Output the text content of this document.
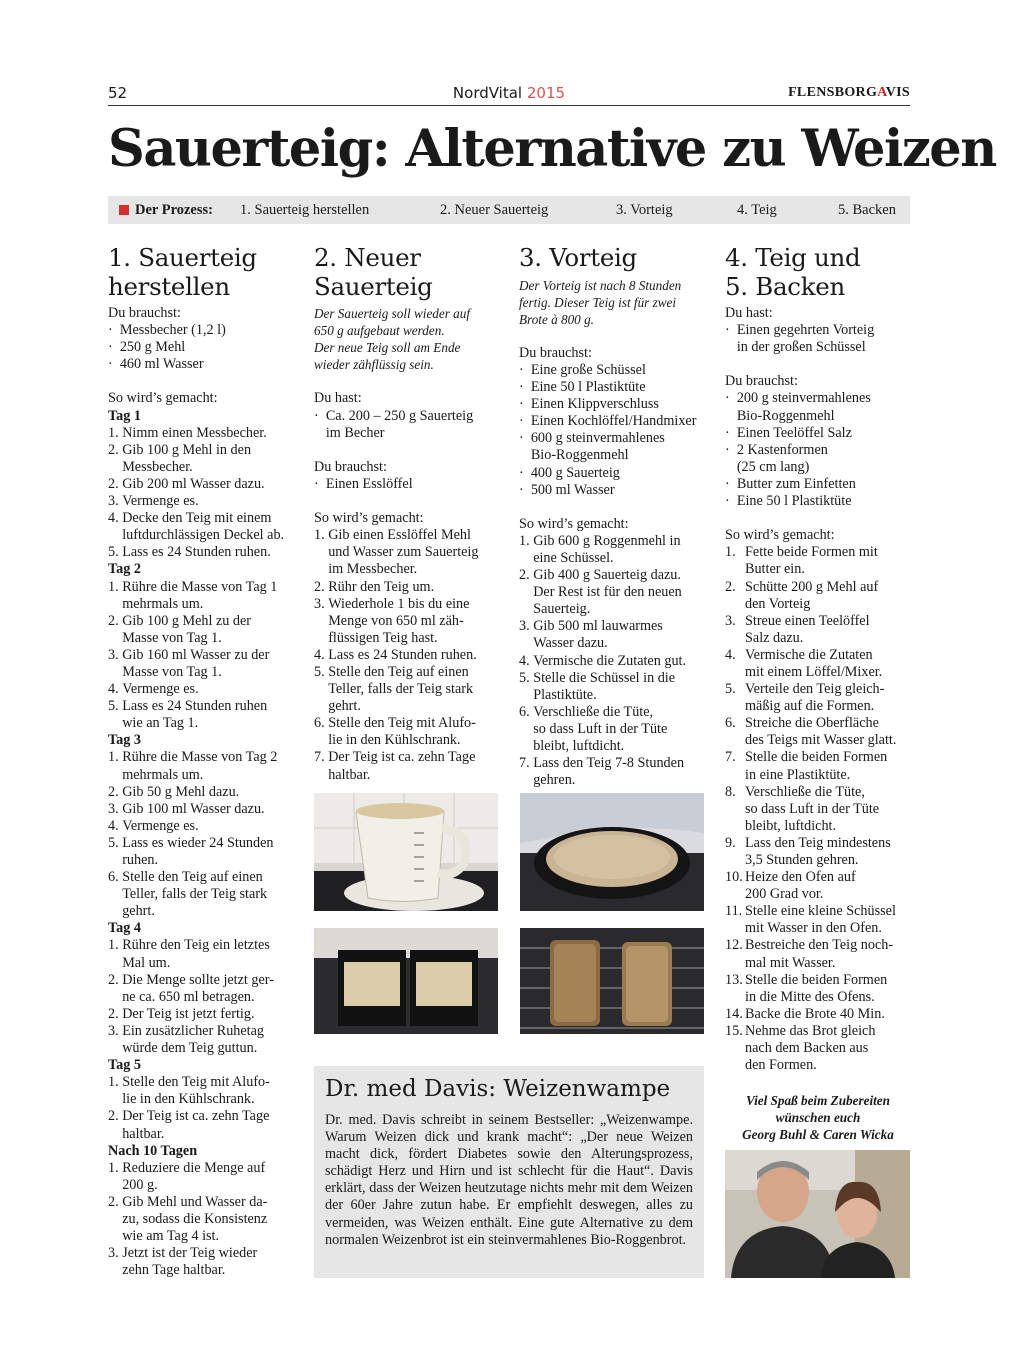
52	NordVital 2015	FLENSBORGAVIS
Sauerteig: Alternative zu Weizen
Der Prozess: 1. Sauerteig herstellen	2. Neuer Sauerteig	3. Vorteig	4. Teig	5. Backen
1. Sauerteig
herstellen
Du brauchst:
· Messbecher (1,2 l)
· 250 g Mehl
· 460 ml Wasser
So wird’s gemacht:
Tag 1
1. Nimm einen Messbecher.
2. Gib 100 g Mehl in den
Messbecher.
2. Gib 200 ml Wasser dazu.
3. Vermenge es.
4. Decke den Teig mit einem
luftdurchlässigen Deckel ab.
5. Lass es 24 Stunden ruhen.
Tag 2
1. Rühre die Masse von Tag 1
mehrmals um.
2. Gib 100 g Mehl zu der
Masse von Tag 1.
3. Gib 160 ml Wasser zu der
Masse von Tag 1.
4. Vermenge es.
5. Lass es 24 Stunden ruhen
wie an Tag 1.
Tag 3
1. Rühre die Masse von Tag 2
mehrmals um.
2. Gib 50 g Mehl dazu.
3. Gib 100 ml Wasser dazu.
4. Vermenge es.
5. Lass es wieder 24 Stunden
ruhen.
6. Stelle den Teig auf einen
Teller, falls der Teig stark
gehrt.
Tag 4
1. Rühre den Teig ein letztes
Mal um.
2. Die Menge sollte jetzt ger-
ne ca. 650 ml betragen.
2. Der Teig ist jetzt fertig.
3. Ein zusätzlicher Ruhetag
würde dem Teig guttun.
Tag 5
1. Stelle den Teig mit Alufo-
lie in den Kühlschrank.
2. Der Teig ist ca. zehn Tage
haltbar.
Nach 10 Tagen
1. Reduziere die Menge auf
200 g.
2. Gib Mehl und Wasser da-
zu, sodass die Konsistenz
wie am Tag 4 ist.
3. Jetzt ist der Teig wieder
zehn Tage haltbar.
2. Neuer
Sauerteig
Der Sauerteig soll wieder auf
650 g aufgebaut werden.
Der neue Teig soll am Ende
wieder zähflüssig sein.
Du hast:
· Ca. 200 – 250 g Sauerteig
im Becher
Du brauchst:
· Einen Esslöffel
So wird’s gemacht:
1. Gib einen Esslöffel Mehl
und Wasser zum Sauerteig
im Messbecher.
2. Rühr den Teig um.
3. Wiederhole 1 bis du eine
Menge von 650 ml zäh-
flüssigen Teig hast.
4. Lass es 24 Stunden ruhen.
5. Stelle den Teig auf einen
Teller, falls der Teig stark
gehrt.
6. Stelle den Teig mit Alufo-
lie in den Kühlschrank.
7. Der Teig ist ca. zehn Tage
haltbar.
3. Vorteig
Der Vorteig ist nach 8 Stunden
fertig. Dieser Teig ist für zwei
Brote à 800 g.
Du brauchst:
· Eine große Schüssel
· Eine 50 l Plastiktüte
· Einen Klippverschluss
· Einen Kochlöffel/Handmixer
· 600 g steinvermahlenes
Bio-Roggenmehl
· 400 g Sauerteig
· 500 ml Wasser
So wird’s gemacht:
1. Gib 600 g Roggenmehl in
eine Schüssel.
2. Gib 400 g Sauerteig dazu.
Der Rest ist für den neuen
Sauerteig.
3. Gib 500 ml lauwarmes
Wasser dazu.
4. Vermische die Zutaten gut.
5. Stelle die Schüssel in die
Plastiktüte.
6. Verschließe die Tüte,
so dass Luft in der Tüte
bleibt, luftdicht.
7. Lass den Teig 7-8 Stunden
gehren.
4. Teig und
5. Backen
Du hast:
· Einen gegehrten Vorteig
in der großen Schüssel
Du brauchst:
· 200 g steinvermahlenes
Bio-Roggenmehl
· Einen Teelöffel Salz
· 2 Kastenformen
(25 cm lang)
· Butter zum Einfetten
· Eine 50 l Plastiktüte
So wird’s gemacht:
1. Fette beide Formen mit
Butter ein.
2. Schütte 200 g Mehl auf
den Vorteig
3. Streue einen Teelöffel
Salz dazu.
4. Vermische die Zutaten
mit einem Löffel/Mixer.
5. Verteile den Teig gleich-
mäßig auf die Formen.
6. Streiche die Oberfläche
des Teigs mit Wasser glatt.
7. Stelle die beiden Formen
in eine Plastiktüte.
8. Verschließe die Tüte,
so dass Luft in der Tüte
bleibt, luftdicht.
9. Lass den Teig mindestens
3,5 Stunden gehren.
10.
Heize den Ofen auf
200 Grad vor.
11. Stelle eine kleine Schüssel
mit Wasser in den Ofen.
12.
Bestreiche den Teig noch-
mal mit Wasser.
13.
Stelle die beiden Formen
in die Mitte des Ofens.
14.
Backe die Brote 40 Min.
15.
Nehme das Brot gleich
nach dem Backen aus
den Formen.
Dr. med Davis: Weizenwampe

Dr. med. Davis schreibt in seinem Bestseller: „Weizenwampe. Warum Weizen dick und krank macht“: „Der neue Weizen macht dick, fördert Diabetes sowie den Alterungsprozess, schädigt Herz und Hirn und ist schlecht für die Haut“. Davis erklärt, dass der Weizen heutzutage nichts mehr mit dem Weizen der 60er Jahre zutun habe. Er empfiehlt deswegen, alles zu vermeiden, was Weizen enthält. Eine gute Alternative zu dem normalen Weizenbrot ist ein steinvermahlenes Bio-Roggenbrot.

Viel Spaß beim Zubereiten
wünschen euch
Georg Buhl & Caren Wicka
